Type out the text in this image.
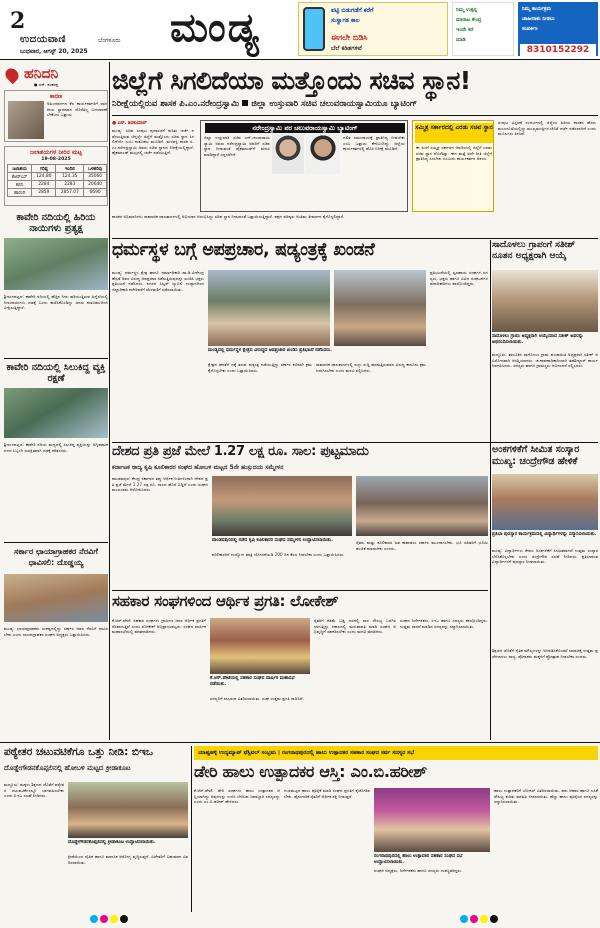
2
ಉದಯವಾಣಿ	ಬೆಂಗಳೂರು
ಬುಧವಾರ, ಆಗಸ್ಟ್ 20, 2025
ಮಂಡ್ಯ	ಪಟ್ಟಿ ಬಿಡುಗಡೆಗೆ ಕರೆಗೆ
ಸುಸ್ವಾಗತ ಕಾಲ
ಈಗಲೇ ಬಿಡಿಸಿ
ಬೆಲೆ ಕಡಿತಗಳಿವೆ
ನಿಮ್ಮ ಉತ್ಪನ್ನ
ಮಾರಾಟ ಕೇಂದ್ರ
ಇಂದೇ ಕರೆ
ಮಾಡಿ
ನಿಮ್ಮ ಕಾರ್ಯಕ್ರಮ
ಜಾಹೀರಾತು ನೀಡಲು
ಸಂಪರ್ಕಿಸಿ
8310152292
ಹನಿದನಿ
● ಎನ್. ಶಂಕರಪ್ಪ
ಕಾರಣ
ಅಹಿಂದವರ್ಗದ ಕೆಲ ಕಾರ್ಯಕರ್ತರಿಗೆ ರಾಜಕೀಯ ಸ್ಥಾನಮಾನ ದೊರೆತಿಲ್ಲ ಬದಲಾವಣೆ ಬೇಕೆಂದು ಒತ್ತಾಯ
ಜಲಾಶಯಗಳ ನೀರಿನ ಮಟ್ಟ
19-08-2025
ಜಲಾಶಯ	ಗರಿಷ್ಠ	ಇಂದಿನ	ಒಳಹರಿವು
ಕೆಆರ್‌ಎಸ್	124.80	124.35	35060
ಕಬಿನಿ	2284	2283	20640
ಹಾರಂಗಿ	2859	2857.07	6690
ಕಾವೇರಿ ನದಿಯಲ್ಲಿ ಹಿರಿಯ ನಾಯಿಗಳು ಪ್ರತ್ಯಕ್ಷ
ಶ್ರೀರಂಗಪಟ್ಟಣ: ಕಾವೇರಿ ನದಿಯಲ್ಲಿ ಹೆಚ್ಚಿನ ನೀರು ಹರಿಯುತ್ತಿರುವ ಹಿನ್ನೆಲೆಯಲ್ಲಿ ನೀರುನಾಯಿಗಳು ದಡಕ್ಕೆ ಬಂದು ಕಾಣಿಸಿಕೊಂಡಿದ್ದು ಜನರು ಕುತೂಹಲದಿಂದ ವೀಕ್ಷಿಸುತ್ತಿದ್ದಾರೆ.
ಕಾವೇರಿ ನದಿಯಲ್ಲಿ ಸಿಲುಕಿದ್ದ ವ್ಯಕ್ತಿ ರಕ್ಷಣೆ
ಶ್ರೀರಂಗಪಟ್ಟಣ: ಕಾವೇರಿ ನದಿಯ ಮಧ್ಯದಲ್ಲಿ ಸಿಲುಕಿದ್ದ ವ್ಯಕ್ತಿಯನ್ನು ಅಗ್ನಿಶಾಮಕ ದಳದ ಸಿಬ್ಬಂದಿ ಸುರಕ್ಷಿತವಾಗಿ ದಡಕ್ಕೆ ಕರೆತಂದರು.
ಸರ್ಕಾರ ಛಾಯಾಗ್ರಾಹಕರ ನೆರವಿಗೆ ಧಾವಿಸಲಿ: ದೊಡ್ಡಯ್ಯ
ಮಂಡ್ಯ: ಛಾಯಾಗ್ರಾಹಕರು ಸಂಕಷ್ಟದಲ್ಲಿದ್ದು ಸರ್ಕಾರ ಅವರ ನೆರವಿಗೆ ಧಾವಿಸಬೇಕು ಎಂದು ಛಾಯಾಗ್ರಾಹಕರ ಸಂಘದ ಅಧ್ಯಕ್ಷರು ಒತ್ತಾಯಿಸಿದರು.
ಜಿಲ್ಲೆಗೆ ಸಿಗಲಿದೆಯಾ ಮತ್ತೊಂದು ಸಚಿವ ಸ್ಥಾನ!
ನಿರೀಕ್ಷೆಯಲ್ಲಿರುವ ಶಾಸಕ ಪಿ.ಎಂ.ನರೇಂದ್ರಸ್ವಾಮಿ ಜಿಲ್ಲಾ ಉಸ್ತುವಾರಿ ಸಚಿವ ಚಲುವರಾಯಸ್ವಾಮಿಯೂ ಬ್ಯಾಟಿಂಗ್
● ಎನ್. ಶಿವಕುಮಾರ್
ಮಂಡ್ಯ: ಸಚಿವ ಸಂಪುಟ ಪುನಾರಚನೆ ಕುರಿತು ಚರ್ಚೆ ನಡೆಯುತ್ತಿರುವ ಬೆನ್ನಲ್ಲೇ ಜಿಲ್ಲೆಗೆ ಮತ್ತೊಂದು ಸಚಿವ ಸ್ಥಾನ ಸಿಗಲಿದೆಯೇ ಎಂಬ ಕುತೂಹಲ ಮೂಡಿದೆ. ಮಳವಳ್ಳಿ ಶಾಸಕ ಪಿ.ಎಂ.ನರೇಂದ್ರಸ್ವಾಮಿ ಅವರು ಸಚಿವ ಸ್ಥಾನದ ನಿರೀಕ್ಷೆಯಲ್ಲಿದ್ದಾರೆ. ಹೈಕಮಾಂಡ್ ಮಟ್ಟದಲ್ಲಿ ಚರ್ಚೆ ನಡೆಯುತ್ತಿದೆ.
ನರೇಂದ್ರಸ್ವಾಮಿ ಪರ ಚಲುವರಾಯಸ್ವಾಮಿ ಬ್ಯಾಟಿಂಗ್
ಜಿಲ್ಲಾ ಉಸ್ತುವಾರಿ ಸಚಿವ ಎನ್.ಚಲುವರಾಯಸ್ವಾಮಿ ಅವರು ನರೇಂದ್ರಸ್ವಾಮಿ ಅವರಿಗೆ ಸಚಿವ ಸ್ಥಾನ ನೀಡುವಂತೆ ಹೈಕಮಾಂಡ್‌ಗೆ ಮನವಿ ಮಾಡಿದ್ದಾರೆ ಎನ್ನಲಾಗಿದೆ.
ದಲಿತ ಸಮುದಾಯಕ್ಕೆ ಪ್ರಾತಿನಿಧ್ಯ ನೀಡಬೇಕು ಎಂಬ ಒತ್ತಾಯ ಕೇಳಿಬಂದಿದ್ದು ಜಿಲ್ಲೆಯ ಕಾರ್ಯಕರ್ತರಲ್ಲಿ ಹೊಸ ನಿರೀಕ್ಷೆ ಮೂಡಿದೆ.
ಸಮ್ಮಿಶ್ರ ಸರ್ಕಾರದಲ್ಲಿ ಎರಡು ಸಚಿವ ಸ್ಥಾನ
ಈ ಹಿಂದೆ ಸಮ್ಮಿಶ್ರ ಸರ್ಕಾರದ ಅವಧಿಯಲ್ಲಿ ಜಿಲ್ಲೆಗೆ ಎರಡು ಸಚಿವ ಸ್ಥಾನ ದೊರೆತಿತ್ತು. ಈಗ ಮತ್ತೆ ಅದೇ ರೀತಿ ಜಿಲ್ಲೆಗೆ ಪ್ರಾತಿನಿಧ್ಯ ಸಿಗಬೇಕು ಎಂಬುದು ಕಾರ್ಯಕರ್ತರ ಆಶಯ.
ಸಂಪುಟ ವಿಸ್ತರಣೆ ಸಂದರ್ಭದಲ್ಲಿ ಜಿಲ್ಲೆಯ ಹಿರಿಯ ಶಾಸಕರ ಹೆಸರು ಮುಂಚೂಣಿಯಲ್ಲಿದ್ದು ಮುಖ್ಯಮಂತ್ರಿಗಳ ಜೊತೆ ಚರ್ಚೆ ನಡೆಸಲಾಗಿದೆ ಎಂದು ಮೂಲಗಳು ತಿಳಿಸಿವೆ.
ಶಾಸಕರ ಅಭಿಮಾನಿಗಳು ಸಾಮಾಜಿಕ ಜಾಲತಾಣಗಳಲ್ಲಿ ಅಭಿಯಾನ ಆರಂಭಿಸಿದ್ದು ಸಚಿವ ಸ್ಥಾನ ನೀಡುವಂತೆ ಒತ್ತಾಯಿಸುತ್ತಿದ್ದಾರೆ. ಪಕ್ಷದ ವರಿಷ್ಠರು ಅಂತಿಮ ತೀರ್ಮಾನ ಕೈಗೊಳ್ಳಲಿದ್ದಾರೆ.
ಧರ್ಮಸ್ಥಳ ಬಗ್ಗೆ ಅಪಪ್ರಚಾರ, ಷಡ್ಯಂತ್ರಕ್ಕೆ ಖಂಡನೆ
ಮಂಡ್ಯ: ಧರ್ಮಸ್ಥಳ ಕ್ಷೇತ್ರ ಹಾಗೂ ಧರ್ಮಾಧಿಕಾರಿ ಡಾ.ಡಿ.ವೀರೇಂದ್ರ ಹೆಗ್ಗಡೆ ಅವರ ವಿರುದ್ಧ ಅಪಪ್ರಚಾರ ನಡೆಸುತ್ತಿರುವುದನ್ನು ಖಂಡಿಸಿ ಭಕ್ತರು ಪ್ರತಿಭಟನೆ ನಡೆಸಿದರು. ನಗರದ ಸಿಲ್ವರ್ ಜ್ಯುಬಿಲಿ ಉದ್ಯಾನದಿಂದ ಜಿಲ್ಲಾಧಿಕಾರಿ ಕಚೇರಿವರೆಗೆ ಮೆರವಣಿಗೆ ನಡೆಸಲಾಯಿತು.
ಮಂಡ್ಯದಲ್ಲಿ ಧರ್ಮಸ್ಥಳ ಕ್ಷೇತ್ರದ ವಿರುದ್ಧದ ಅಪಪ್ರಚಾರ ಖಂಡಿಸಿ ಪ್ರತಿಭಟನೆ ನಡೆಸಿದರು.
ಕ್ಷೇತ್ರದ ಘನತೆಗೆ ಧಕ್ಕೆ ತರುವ ಷಡ್ಯಂತ್ರ ನಡೆಯುತ್ತಿದ್ದು ಸರ್ಕಾರ ಕೂಡಲೇ ಕ್ರಮ ಕೈಗೊಳ್ಳಬೇಕು ಎಂದು ಒತ್ತಾಯಿಸಿದರು.
ಸಾಮಾಜಿಕ ಜಾಲತಾಣಗಳಲ್ಲಿ ಸುಳ್ಳು ಸುದ್ದಿ ಹರಡುತ್ತಿರುವವರ ವಿರುದ್ಧ ಕಾನೂನು ಕ್ರಮ ಜರುಗಿಸಬೇಕು ಎಂದು ಮನವಿ ಸಲ್ಲಿಸಿದರು.
ಪ್ರತಿಭಟನೆಯಲ್ಲಿ ಸ್ವಸಹಾಯ ಸಂಘಗಳ ಸದಸ್ಯರು, ಭಕ್ತರು ಹಾಗೂ ವಿವಿಧ ಸಂಘಟನೆಗಳ ಪದಾಧಿಕಾರಿಗಳು ಪಾಲ್ಗೊಂಡಿದ್ದರು.
ಸಾದೊಳಲು ಗ್ರಾಪಂಗೆ ಸತೀಶ್ ನೂತನ ಅಧ್ಯಕ್ಷರಾಗಿ ಆಯ್ಕೆ
ಸಾದೊಳಲು ಗ್ರಾಪಂ ಅಧ್ಯಕ್ಷರಾಗಿ ಆಯ್ಕೆಯಾದ ಸತೀಶ್ ಅವರನ್ನು ಅಭಿನಂದಿಸಲಾಯಿತು.
ಮದ್ದೂರು: ತಾಲೂಕಿನ ಸಾದೊಳಲು ಗ್ರಾಮ ಪಂಚಾಯಿತಿ ಅಧ್ಯಕ್ಷರಾಗಿ ಸತೀಶ್ ಅವಿರೋಧವಾಗಿ ಆಯ್ಕೆಯಾದರು. ಚುನಾವಣಾಧಿಕಾರಿಯಾಗಿ ತಹಶೀಲ್ದಾರ್ ಕಾರ್ಯ ನಿರ್ವಹಿಸಿದರು. ಸದಸ್ಯರು ಹಾಗೂ ಗ್ರಾಮಸ್ಥರು ಅಭಿನಂದನೆ ಸಲ್ಲಿಸಿದರು.
ದೇಶದ ಪ್ರತಿ ಪ್ರಜೆ ಮೇಲೆ 1.27 ಲಕ್ಷ ರೂ. ಸಾಲ: ಪುಟ್ಟಮಾದು
ಕರ್ನಾಟಕ ರಾಜ್ಯ ಕೃಷಿ ಕೂಲಿಕಾರರ ಸಂಘದ ಹೋಬಳಿ ಮಟ್ಟದ 5ನೇ ಹುಸ್ಸುದಯ ಸಮ್ಮೇಳನ
ಪಾಂಡವಪುರ: ಕೇಂದ್ರ ಸರ್ಕಾರದ ತಪ್ಪು ಆರ್ಥಿಕ ನೀತಿಗಳಿಂದಾಗಿ ದೇಶದ ಪ್ರತಿ ಪ್ರಜೆ ಮೇಲೆ 1.27 ಲಕ್ಷ ರೂ. ಸಾಲದ ಹೊರೆ ಬಿದ್ದಿದೆ ಎಂದು ಸಂಘದ ಮುಖಂಡರು ಆರೋಪಿಸಿದರು.
ಪಾಂಡವಪುರದಲ್ಲಿ ನಡೆದ ಕೃಷಿ ಕೂಲಿಕಾರರ ಸಂಘದ ಸಮ್ಮೇಳನ ಉದ್ಘಾಟಿಸಲಾಯಿತು.
ಕೂಲಿಕಾರರಿಗೆ ಉದ್ಯೋಗ ಖಾತ್ರಿ ಯೋಜನೆಯಡಿ 200 ದಿನ ಕೆಲಸ ನೀಡಬೇಕು ಎಂದು ಒತ್ತಾಯಿಸಿದರು.
ರೈತರು ಮತ್ತು ಕೂಲಿಕಾರರ ಹಿತ ಕಾಪಾಡಲು ಸರ್ಕಾರ ಮುಂದಾಗಬೇಕು. ಭೂ ರಹಿತರಿಗೆ ಭೂಮಿ ಹಂಚಿಕೆ ಮಾಡಬೇಕು ಎಂದರು.
ಅಂಕಗಳಿಕೆಗೆ ಸೀಮಿತ ಸಂಸ್ಕಾರ ಮುಖ್ಯ: ಚಂದ್ರೇಗೌಡ ಹೇಳಿಕೆ
ಪ್ರತಿಭಾ ಪುರಸ್ಕಾರ ಕಾರ್ಯಕ್ರಮದಲ್ಲಿ ವಿದ್ಯಾರ್ಥಿಗಳನ್ನು ಸನ್ಮಾನಿಸಲಾಯಿತು.
ಮಂಡ್ಯ: ವಿದ್ಯಾರ್ಥಿಗಳು ಕೇವಲ ಅಂಕಗಳಿಕೆಗೆ ಸೀಮಿತವಾಗದೆ ಉತ್ತಮ ಸಂಸ್ಕಾರ ಬೆಳೆಸಿಕೊಳ್ಳಬೇಕು ಎಂದು ಚಂದ್ರೇಗೌಡ ಸಲಹೆ ನೀಡಿದರು. ಪ್ರತಿಭಾವಂತ ವಿದ್ಯಾರ್ಥಿಗಳಿಗೆ ಪುರಸ್ಕಾರ ನೀಡಲಾಯಿತು.
ಸಹಕಾರ ಸಂಘಗಳಿಂದ ಆರ್ಥಿಕ ಪ್ರಗತಿ: ಲೋಕೇಶ್
ಕೆ.ಆರ್.ಪೇಟೆ: ಸಹಕಾರ ಸಂಘಗಳು ಗ್ರಾಮೀಣ ಜನರ ಆರ್ಥಿಕ ಪ್ರಗತಿಗೆ ನೆರವಾಗುತ್ತಿವೆ ಎಂದು ಲೋಕೇಶ್ ಅಭಿಪ್ರಾಯಪಟ್ಟರು. ಸಂಘದ ವಾರ್ಷಿಕ ಮಹಾಸಭೆಯಲ್ಲಿ ಮಾತನಾಡಿದರು.
ಕೆ.ಆರ್.ಪೇಟೆಯಲ್ಲಿ ಸಹಕಾರ ಸಂಘದ ವಾರ್ಷಿಕ ಮಹಾಸಭೆ ನಡೆಯಿತು.
ಸದಸ್ಯರಿಗೆ ಲಾಭಾಂಶ ವಿತರಿಸಲಾಯಿತು. ಸಂಘ ಉತ್ತಮ ಪ್ರಗತಿ ಸಾಧಿಸಿದೆ.
ರೈತರಿಗೆ ಕಡಿಮೆ ಬಡ್ಡಿ ದರದಲ್ಲಿ ಸಾಲ ಸೌಲಭ್ಯ ಒದಗಿಸಲಾಗುತ್ತಿದ್ದು ಸಕಾಲದಲ್ಲಿ ಮರುಪಾವತಿ ಮಾಡಿ ಸಂಘದ ಅಭಿವೃದ್ಧಿಗೆ ಸಹಕರಿಸಬೇಕು ಎಂದು ಮನವಿ ಮಾಡಿದರು.
ಸಂಘದ ನಿರ್ದೇಶಕರು, ಸಿಇಒ ಹಾಗೂ ಸದಸ್ಯರು ಪಾಲ್ಗೊಂಡಿದ್ದರು. ಉತ್ತಮ ಸಾಧನೆ ಮಾಡಿದ ಸದಸ್ಯರನ್ನು ಸನ್ಮಾನಿಸಲಾಯಿತು.
ಶಿಕ್ಷಣದ ಜೊತೆಗೆ ನೈತಿಕ ಮೌಲ್ಯಗಳನ್ನು ಅಳವಡಿಸಿಕೊಂಡರೆ ಸಮಾಜಕ್ಕೆ ಉತ್ತಮ ಪ್ರಜೆಗಳಾಗಲು ಸಾಧ್ಯ. ಪೋಷಕರು ಮಕ್ಕಳಿಗೆ ಪ್ರೋತ್ಸಾಹ ನೀಡಬೇಕು ಎಂದರು.
ಪಠ್ಯೇತರ ಚಟುವಟಿಕೆಗೂ ಒತ್ತು ನೀಡಿ: ಬಿಇಒ
ದೊಡ್ಡೇಗೌಡನಕೊಪ್ಪಲಿನಲ್ಲಿ ಹೋಬಳಿ ಮಟ್ಟದ ಕ್ರೀಡಾಕೂಟ
ಯಾಷ್ಟಹಳ್ಳಿ ಉದ್ಯಮ್ಯಾಟ್ ಫೆಸ್ಟಿವಲ್‌ ಸಂಭ್ರಮ | ರಂಗನಾಥಪುರದಲ್ಲಿ ಹಾಲು ಉತ್ಪಾದಕರ ಸಹಕಾರ ಸಂಘದ ಸರ್ವ ಸದಸ್ಯರ ಸಭೆ
ಡೇರಿ ಹಾಲು ಉತ್ಪಾದಕರ ಆಸ್ತಿ: ಎಂ.ಬಿ.ಹರೀಶ್
ಮದ್ದೂರು: ಮಕ್ಕಳು ಶಿಕ್ಷಣದ ಜೊತೆಗೆ ಪಠ್ಯೇತರ ಚಟುವಟಿಕೆಗಳಲ್ಲೂ ಭಾಗವಹಿಸಬೇಕು ಎಂದು ಬಿಇಒ ಸಲಹೆ ನೀಡಿದರು.
ದೊಡ್ಡೇಗೌಡನಕೊಪ್ಪಲಿನಲ್ಲಿ ಕ್ರೀಡಾಕೂಟ ಉದ್ಘಾಟಿಸಲಾಯಿತು.
ಕ್ರೀಡೆಯಿಂದ ದೈಹಿಕ ಹಾಗೂ ಮಾನಸಿಕ ಆರೋಗ್ಯ ವೃದ್ಧಿಸುತ್ತದೆ. ವಿಜೇತರಿಗೆ ಬಹುಮಾನ ವಿತರಿಸಲಾಯಿತು.
ಕೆ.ಆರ್.ಪೇಟೆ: ಡೇರಿ ಸಂಘಗಳು ಹಾಲು ಉತ್ಪಾದಕರ ಆಸ್ತಿಯಾಗಿದ್ದು ಅವುಗಳನ್ನು ಉಳಿಸಿ ಬೆಳೆಸುವ ಜವಾಬ್ದಾರಿ ಸದಸ್ಯರದ್ದು ಎಂದು ಎಂ.ಬಿ.ಹರೀಶ್ ಹೇಳಿದರು.
ಗುಣಮಟ್ಟದ ಹಾಲು ಪೂರೈಕೆ ಮಾಡಿ ಸಂಘದ ಪ್ರಗತಿಗೆ ಕೈಜೋಡಿಸಬೇಕು. ಹೈನುಗಾರಿಕೆ ರೈತರಿಗೆ ಆರ್ಥಿಕ ಶಕ್ತಿ ನೀಡುತ್ತದೆ.
ರಂಗನಾಥಪುರದಲ್ಲಿ ಹಾಲು ಉತ್ಪಾದಕರ ಸಹಕಾರ ಸಂಘದ ಸಭೆ ಉದ್ಘಾಟಿಸಲಾಯಿತು.
ಸಂಘದ ಅಧ್ಯಕ್ಷರು, ನಿರ್ದೇಶಕರು ಹಾಗೂ ಸದಸ್ಯರು ಉಪಸ್ಥಿತರಿದ್ದರು.
ಹಾಲು ಉತ್ಪಾದಕರಿಗೆ ಬೋನಸ್ ವಿತರಿಸಲಾಯಿತು. ಪಶು ಆಹಾರ ಹಾಗೂ ಲಸಿಕೆ ಸೌಲಭ್ಯ ಕುರಿತು ಮಾಹಿತಿ ನೀಡಲಾಯಿತು. ಹೆಚ್ಚು ಹಾಲು ಪೂರೈಸಿದ ಸದಸ್ಯರನ್ನು ಸನ್ಮಾನಿಸಲಾಯಿತು.
